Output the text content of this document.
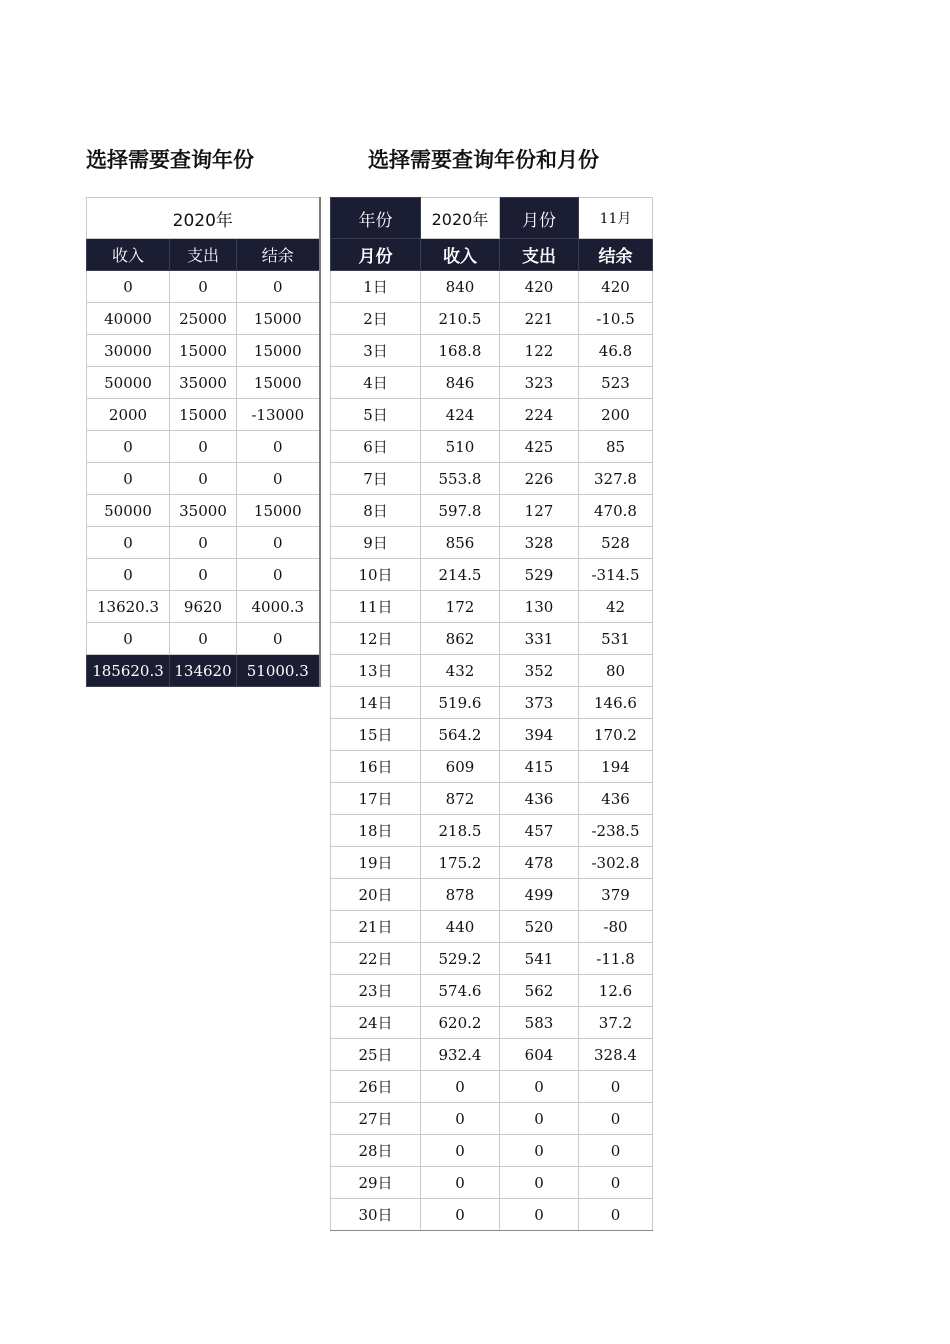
选择需要查询年份	选择需要查询年份和月份
2020年		
收入	支出	结余
0	0	0
40000	25000	15000
30000	15000	15000
50000	35000	15000
2000	15000	-13000
0	0	0
0	0	0
50000	35000	15000
0	0	0
0	0	0
13620.3	9620	4000.3
0	0	0
185620.3	134620	51000.3
年份	2020年	月份	11月
月份	收入	支出	结余
1日	840	420	420
2日	210.5	221	-10.5
3日	168.8	122	46.8
4日	846	323	523
5日	424	224	200
6日	510	425	85
7日	553.8	226	327.8
8日	597.8	127	470.8
9日	856	328	528
10日	214.5	529	-314.5
11日	172	130	42
12日	862	331	531
13日	432	352	80
14日	519.6	373	146.6
15日	564.2	394	170.2
16日	609	415	194
17日	872	436	436
18日	218.5	457	-238.5
19日	175.2	478	-302.8
20日	878	499	379
21日	440	520	-80
22日	529.2	541	-11.8
23日	574.6	562	12.6
24日	620.2	583	37.2
25日	932.4	604	328.4
26日	0	0	0
27日	0	0	0
28日	0	0	0
29日	0	0	0
30日	0	0	0
